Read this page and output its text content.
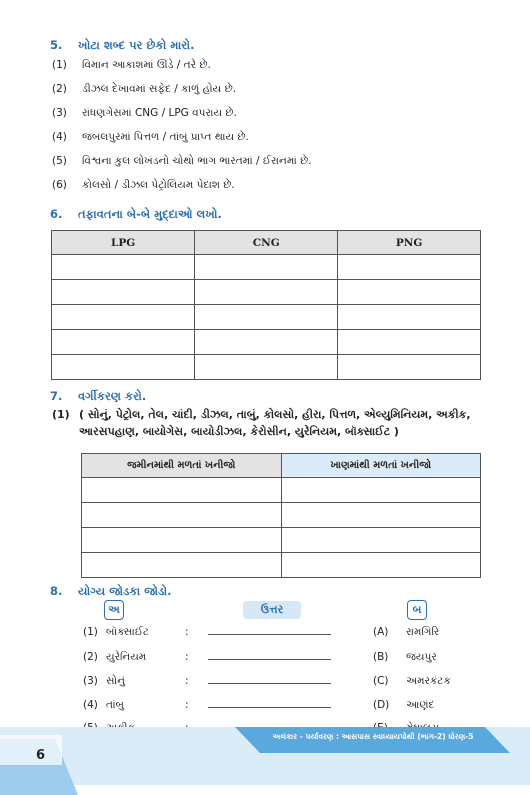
5.	ખોટા શબ્દ પર છેકો મારો.
(1)	વિમાન આકાશમાં ઊડે / તરે છે.
(2)	ડીઝલ દેખાવમાં સફેદ / કાળું હોય છે.
(3)	રાંધણગેસમાં CNG / LPG વપરાય છે.
(4)	જબલપુરમાં પિત્તળ / તાંબું પ્રાપ્ત થાય છે.
(5)	વિશ્વના કુલ લોખંડનો ચોથો ભાગ ભારતમાં / ઈરાનમાં છે.
(6)	કોલસો / ડીઝલ પેટ્રોલિયમ પેદાશ છે.
6.	તફાવતના બે-બે મુદ્દાઓ લખો.
LPG	CNG	PNG

7.	વર્ગીકરણ કરો.
(1) ( સોનું, પેટ્રોલ, તેલ, ચાંદી, ડીઝલ, તાબું, કોલસો, હીરા, પિત્તળ, એલ્યુમિનિયમ, અકીક,
આરસપહાણ, બાયોગેસ, બાયોડીઝલ, કેરોસીન, યુરેનિયમ, બૉક્સાઈટ )
જમીનમાંથી મળતાં ખનીજો	ખાણમાંથી મળતાં ખનીજો

8.	યોગ્ય જોડકા જોડો.
અ	ઉત્તર	બ
(1) બૉક્સાઈટ	:	(A) રામગિરિ
(2) યુરેનિયમ	:	(B) જયપુર
(3) સોનું	:	(C) અમરકંટક
(4) તાંબુ	:	(D) આણંદ
6
અલંકાર - પર્યાવરણ : આસપાસ સ્વાધ્યાયપોથી (ભાગ-2) ધોરણ-5
